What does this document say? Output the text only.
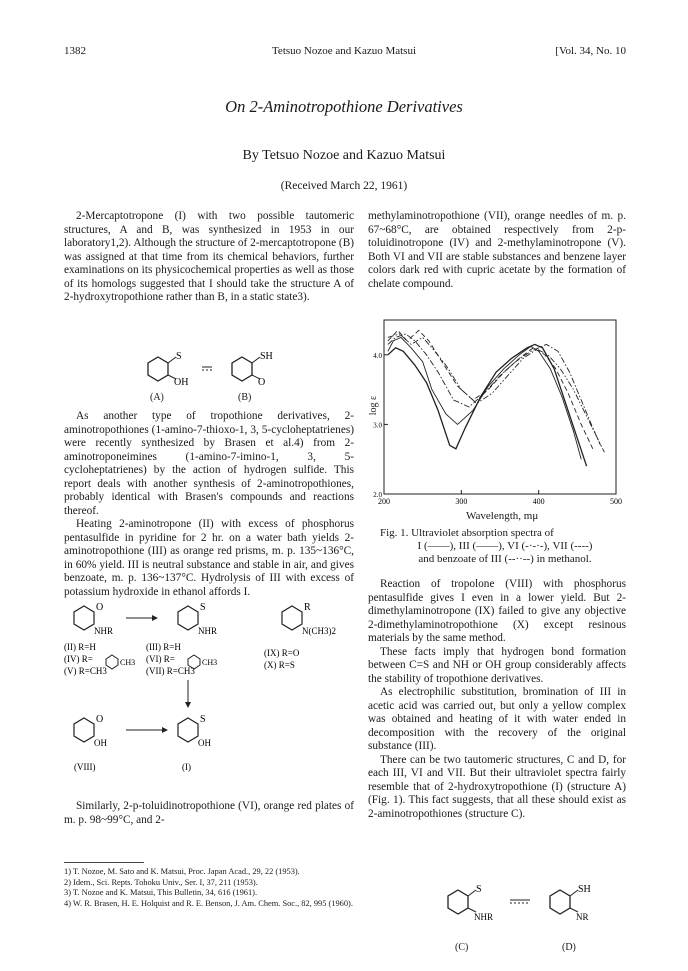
1382	Tetsuo Nozoe and Kazuo Matsui	[Vol. 34, No. 10
On 2-Aminotropothione Derivatives
By Tetsuo Nozoe and Kazuo Matsui
(Received March 22, 1961)

2-Mercaptotropone (I) with two possible tautomeric structures, A and B, was synthesized in 1953 in our laboratory1,2). Although the structure of 2-mercaptotropone (B) was assigned at that time from its chemical behaviors, further examinations on its physicochemical properties as well as those of its homologs suggested that I should take the structure A of 2-hydroxytropothione rather than B, in a static state3).

S
OH
SH
O
(A)	(B)

As another type of tropothione derivatives, 2-aminotropothiones (1-amino-7-thioxo-1, 3, 5-cycloheptatrienes) were recently synthesized by Brasen et al.4) from 2-aminotroponeimines (1-amino-7-imino-1, 3, 5-cycloheptatrienes) by the action of hydrogen sulfide. This report deals with another synthesis of 2-aminotropothiones, probably identical with Brasen's compounds and reactions thereof.

Heating 2-aminotropone (II) with excess of phosphorus pentasulfide in pyridine for 2 hr. on a water bath yields 2-aminotropothione (III) as orange red prisms, m. p. 135~136°C, in 60% yield. III is neutral substance and stable in air, and gives benzoate, m. p. 136~137°C. Hydrolysis of III with excess of potassium hydroxide in ethanol affords I.

O
NHR
S
NHR
R
N(CH3)2
(II) R=H
(IV) R=
(V) R=CH3
(III) R=H
(VI) R=
(VII) R=CH3
(IX) R=O
(X) R=S
CH3	CH3
O
OH
S
OH
(VIII)	(I)

Similarly, 2-p-toluidinotropothione (VI), orange red plates of m. p. 98~99°C, and 2-

1) T. Nozoe, M. Sato and K. Matsui, Proc. Japan Acad., 29, 22 (1953).
2) Idem., Sci. Repts. Tohoku Univ., Ser. I, 37, 211 (1953).
3) T. Nozoe and K. Matsui, This Bulletin, 34, 616 (1961).
4) W. R. Brasen, H. E. Holquist and R. E. Benson, J. Am. Chem. Soc., 82, 995 (1960).

methylaminotropothione (VII), orange needles of m. p. 67~68°C, are obtained respectively from 2-p-toluidinotropone (IV) and 2-methylaminotropone (V). Both VI and VII are stable substances and benzene layer colors dark red with cupric acetate by the formation of chelate compound.

200	300	400	500
2.0
3.0
4.0
Wavelength, mμ
log ε
Fig. 1. Ultraviolet absorption spectra of
I (——), III (——), VI (-·-·-), VII (----)
and benzoate of III (--··--) in methanol.

Reaction of tropolone (VIII) with phosphorus pentasulfide gives I even in a lower yield. But 2-dimethylaminotropone (IX) failed to give any objective 2-dimethylaminotropothione (X) except resinous materials by the same method.

These facts imply that hydrogen bond formation between C=S and NH or OH group considerably affects the stability of tropothione derivatives.

As electrophilic substitution, bromination of III in acetic acid was carried out, but only a yellow complex was obtained and heating of it with water ended in decomposition with the recovery of the original substance (III).

There can be two tautomeric structures, C and D, for each III, VI and VII. But their ultraviolet spectra fairly resemble that of 2-hydroxytropothione (I) (structure A) (Fig. 1). This fact suggests, that all these should exist as 2-aminotropothiones (structure C).

S
NHR
SH
NR
(C)	(D)
